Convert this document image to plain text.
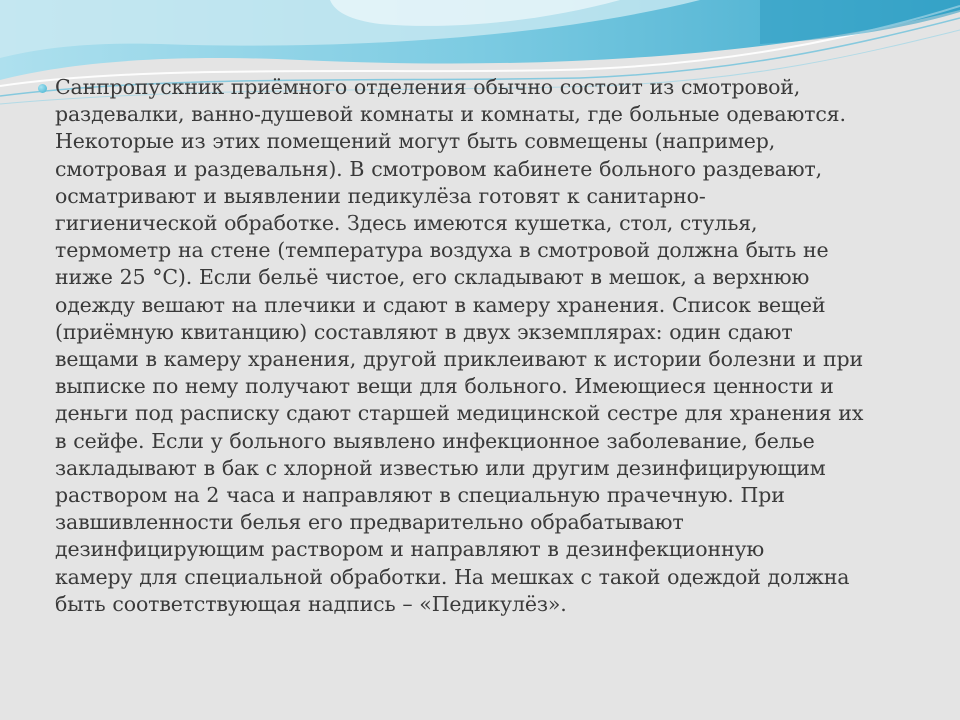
Санпропускник приёмного отделения обычно состоит из смотровой,
раздевалки, ванно-душевой комнаты и комнаты, где больные одеваются.
Некоторые из этих помещений могут быть совмещены (например,
смотровая и раздевальня). В смотровом кабинете больного раздевают,
осматривают и выявлении педикулёза готовят к санитарно-
гигиенической обработке. Здесь имеются кушетка, стол, стулья,
термометр на стене (температура воздуха в смотровой должна быть не
ниже 25 °С). Если бельё чистое, его складывают в мешок, а верхнюю
одежду вешают на плечики и сдают в камеру хранения. Список вещей
(приёмную квитанцию) составляют в двух экземплярах: один сдают
вещами в камеру хранения, другой приклеивают к истории болезни и при
выписке по нему получают вещи для больного. Имеющиеся ценности и
деньги под расписку сдают старшей медицинской сестре для хранения их
в сейфе. Если у больного выявлено инфекционное заболевание, белье
закладывают в бак с хлорной известью или другим дезинфицирующим
раствором на 2 часа и направляют в специальную прачечную. При
завшивленности белья его предварительно обрабатывают
дезинфицирующим раствором и направляют в дезинфекционную
камеру для специальной обработки. На мешках с такой одеждой должна
быть соответствующая надпись – «Педикулёз».
